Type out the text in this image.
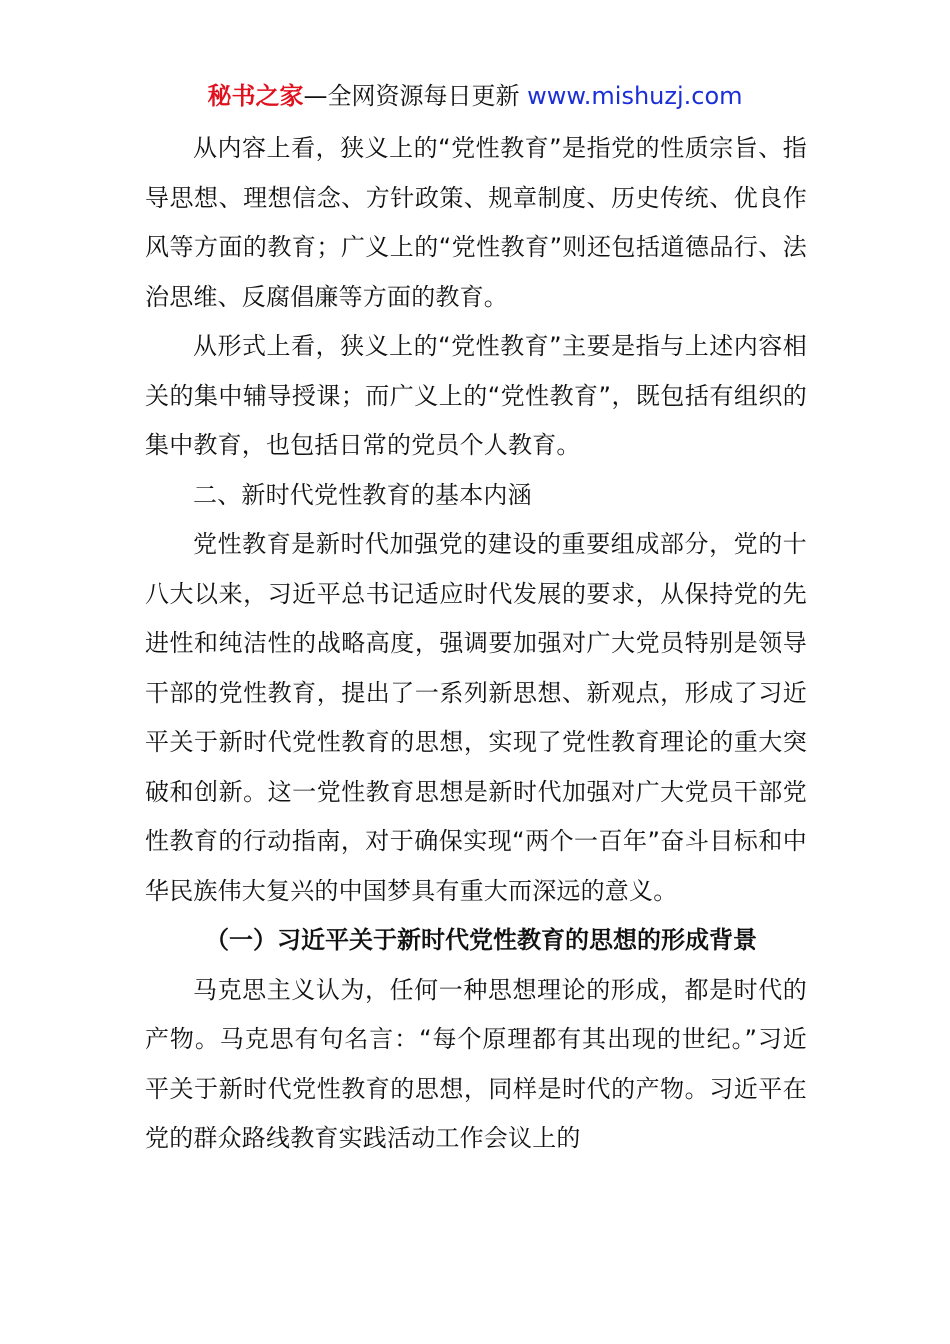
秘书之家—全网资源每日更新 www.mishuzj.com

从内容上看，狭义上的“党性教育”是指党的性质宗旨、指导思想、理想信念、方针政策、规章制度、历史传统、优良作风等方面的教育；广义上的“党性教育”则还包括道德品行、法治思维、反腐倡廉等方面的教育。

从形式上看，狭义上的“党性教育”主要是指与上述内容相关的集中辅导授课；而广义上的“党性教育”，既包括有组织的集中教育，也包括日常的党员个人教育。

二、新时代党性教育的基本内涵

党性教育是新时代加强党的建设的重要组成部分，党的十八大以来，习近平总书记适应时代发展的要求，从保持党的先进性和纯洁性的战略高度，强调要加强对广大党员特别是领导干部的党性教育，提出了一系列新思想、新观点，形成了习近平关于新时代党性教育的思想，实现了党性教育理论的重大突破和创新。这一党性教育思想是新时代加强对广大党员干部党性教育的行动指南，对于确保实现“两个一百年”奋斗目标和中华民族伟大复兴的中国梦具有重大而深远的意义。

（一）习近平关于新时代党性教育的思想的形成背景

马克思主义认为，任何一种思想理论的形成，都是时代的产物。马克思有句名言：“每个原理都有其出现的世纪。”习近平关于新时代党性教育的思想，同样是时代的产物。习近平在党的群众路线教育实践活动工作会议上的
